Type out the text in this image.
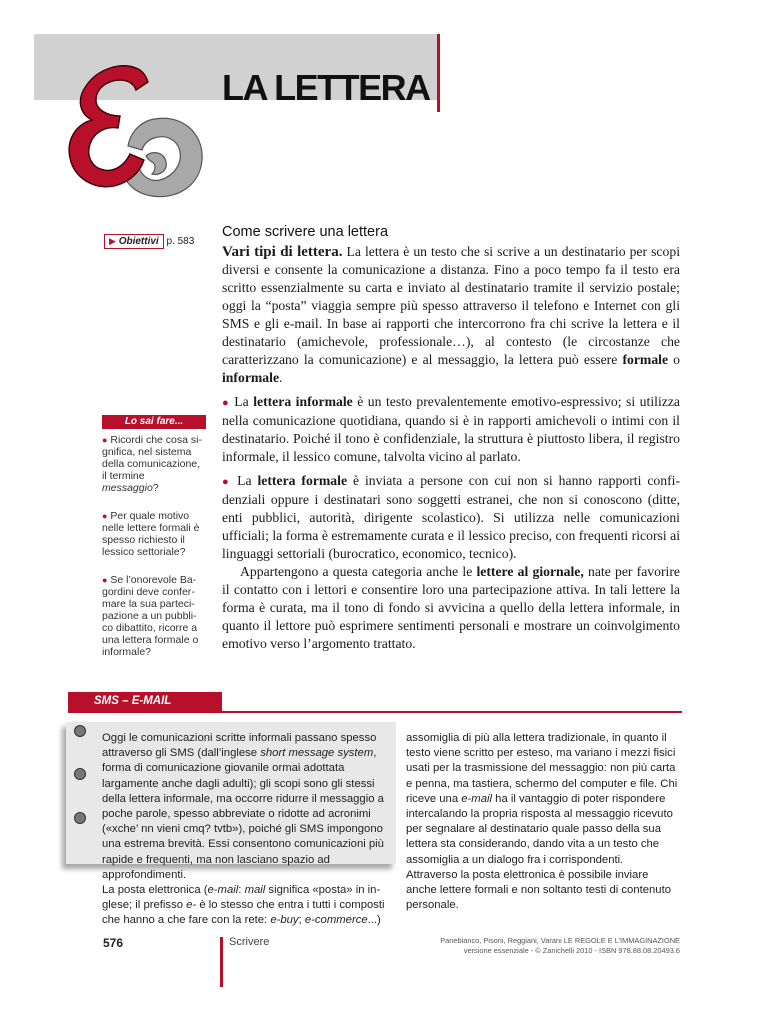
LA LETTERA
▶ Obiettivi p. 583
Lo sai fare...
● Ricordi che cosa significa, nel sistema della comunicazione, il termine messaggio?
● Per quale motivo nelle lettere formali è spesso richiesto il lessico settoriale?
● Se l’onorevole Bagordini deve confermare la sua partecipazione a un pubblico dibattito, ricorre a una lettera formale o informale?
Come scrivere una lettera

Vari tipi di lettera. La lettera è un testo che si scrive a un destinatario per scopi diversi e consente la comunicazione a distanza. Fino a poco tempo fa il testo era scritto essenzialmente su carta e inviato al destinatario tramite il servizio postale; oggi la “posta” viaggia sempre più spesso attraverso il telefono e Internet con gli SMS e gli e-mail. In base ai rapporti che intercorrono fra chi scrive la lettera e il destinatario (amichevole, professionale…), al contesto (le circostanze che caratterizzano la comunicazione) e al messaggio, la lettera può essere formale o informale.

● La lettera informale è un testo prevalentemente emotivo-espressivo; si utilizza nella comunicazione quotidiana, quando si è in rapporti amichevoli o intimi con il destinatario. Poiché il tono è confidenziale, la struttura è piuttosto libera, il registro informale, il lessico comune, talvolta vicino al parlato.

● La lettera formale è inviata a persone con cui non si hanno rapporti confidenziali oppure i destinatari sono soggetti estranei, che non si conoscono (ditte, enti pubblici, autorità, dirigente scolastico). Si utilizza nelle comunicazioni ufficiali; la forma è estremamente curata e il lessico preciso, con frequenti ricorsi ai linguaggi settoriali (burocratico, economico, tecnico).

Appartengono a questa categoria anche le lettere al giornale, nate per favorire il contatto con i lettori e consentire loro una partecipazione attiva. In tali lettere la forma è curata, ma il tono di fondo si avvicina a quello della lettera informale, in quanto il lettore può esprimere sentimenti personali e mostrare un coinvolgimento emotivo verso l’argomento trattato.

SMS – E-MAIL
Oggi le comunicazioni scritte informali passano spesso attraverso gli SMS (dall’inglese short message system, forma di comunicazione giovanile ormai adottata largamente anche dagli adulti); gli scopi sono gli stessi della lettera informale, ma occorre ridurre il messaggio a poche parole, spesso abbreviate o ridotte ad acronimi («xche’ nn vieni cmq? tvtb»), poiché gli SMS impongono una estrema brevità. Essi consentono comunicazioni più rapide e frequenti, ma non lasciano spazio ad approfondimenti.
La posta elettronica (e-mail: mail significa «posta» in inglese; il prefisso e- è lo stesso che entra i tutti i composti che hanno a che fare con la rete: e-buy; e-commerce...)
assomiglia di più alla lettera tradizionale, in quanto il testo viene scritto per esteso, ma variano i mezzi fisici usati per la trasmissione del messaggio: non più carta e penna, ma tastiera, schermo del computer e file. Chi riceve una e-mail ha il vantaggio di poter rispondere intercalando la propria risposta al messaggio ricevuto per segnalare al destinatario quale passo della sua lettera sta considerando, dando vita a un testo che assomiglia a un dialogo fra i corrispondenti.
Attraverso la posta elettronica è possibile inviare anche lettere formali e non soltanto testi di contenuto personale.
576	Scrivere	Panebianco, Pisoni, Reggiani, Varani LE REGOLE E L’IMMAGINAZIONE
versione essenziale - © Zanichelli 2010 - ISBN 978.88.08.20493.6
